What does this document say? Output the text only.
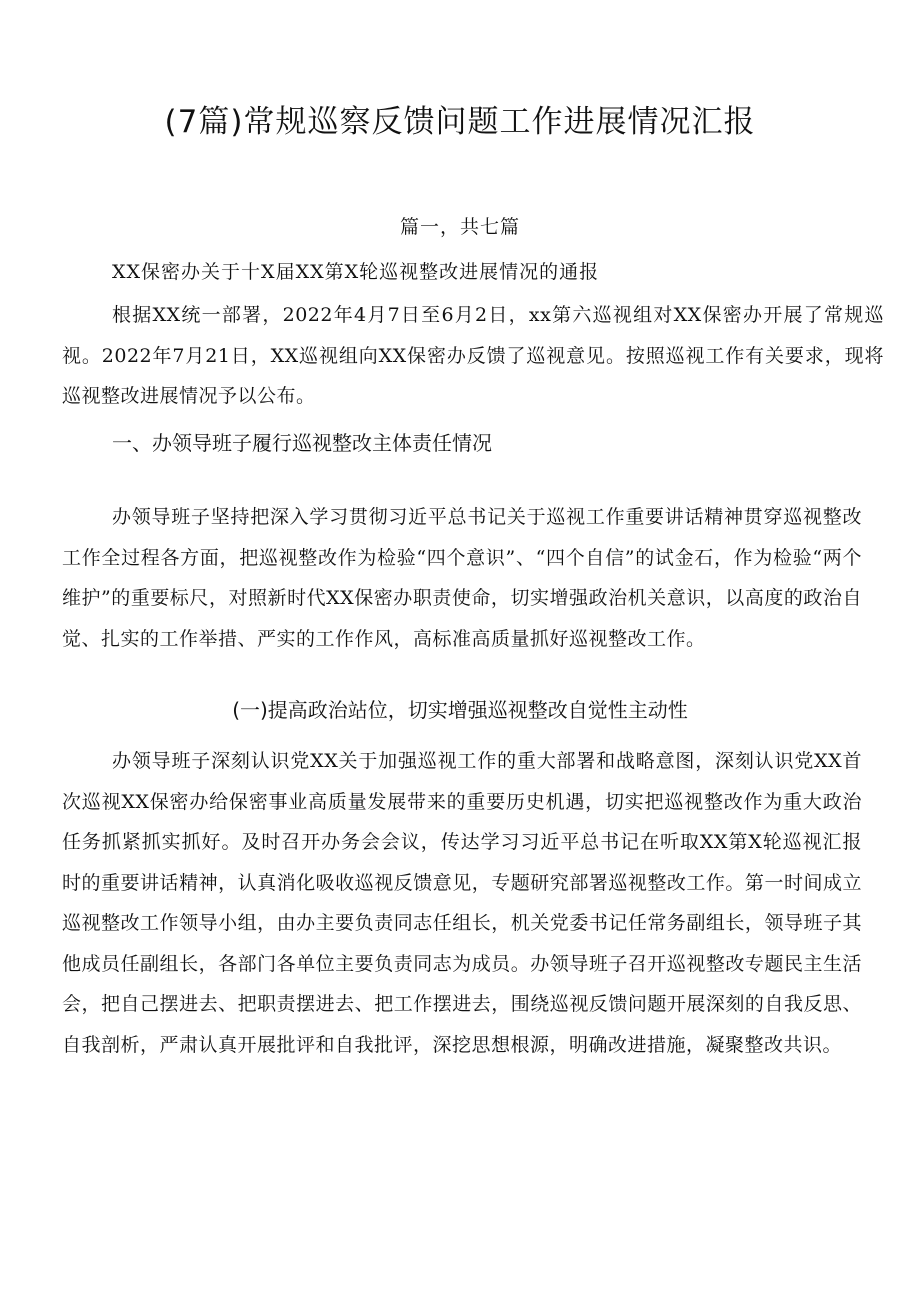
(7篇)常规巡察反馈问题工作进展情况汇报

篇一，共七篇

XX保密办关于十X届XX第X轮巡视整改进展情况的通报

根据XX统一部署，2022年4月7日至6月2日，xx第六巡视组对XX保密办开展了常规巡视。2022年7月21日，XX巡视组向XX保密办反馈了巡视意见。按照巡视工作有关要求，现将巡视整改进展情况予以公布。

一、办领导班子履行巡视整改主体责任情况

办领导班子坚持把深入学习贯彻习近平总书记关于巡视工作重要讲话精神贯穿巡视整改工作全过程各方面，把巡视整改作为检验“四个意识”、“四个自信”的试金石，作为检验“两个维护”的重要标尺，对照新时代XX保密办职责使命，切实增强政治机关意识，以高度的政治自觉、扎实的工作举措、严实的工作作风，高标准高质量抓好巡视整改工作。

(一)提高政治站位，切实增强巡视整改自觉性主动性

办领导班子深刻认识党XX关于加强巡视工作的重大部署和战略意图，深刻认识党XX首次巡视XX保密办给保密事业高质量发展带来的重要历史机遇，切实把巡视整改作为重大政治任务抓紧抓实抓好。及时召开办务会会议，传达学习习近平总书记在听取XX第X轮巡视汇报时的重要讲话精神，认真消化吸收巡视反馈意见，专题研究部署巡视整改工作。第一时间成立巡视整改工作领导小组，由办主要负责同志任组长，机关党委书记任常务副组长，领导班子其他成员任副组长，各部门各单位主要负责同志为成员。办领导班子召开巡视整改专题民主生活会，把自己摆进去、把职责摆进去、把工作摆进去，围绕巡视反馈问题开展深刻的自我反思、自我剖析，严肃认真开展批评和自我批评，深挖思想根源，明确改进措施，凝聚整改共识。
